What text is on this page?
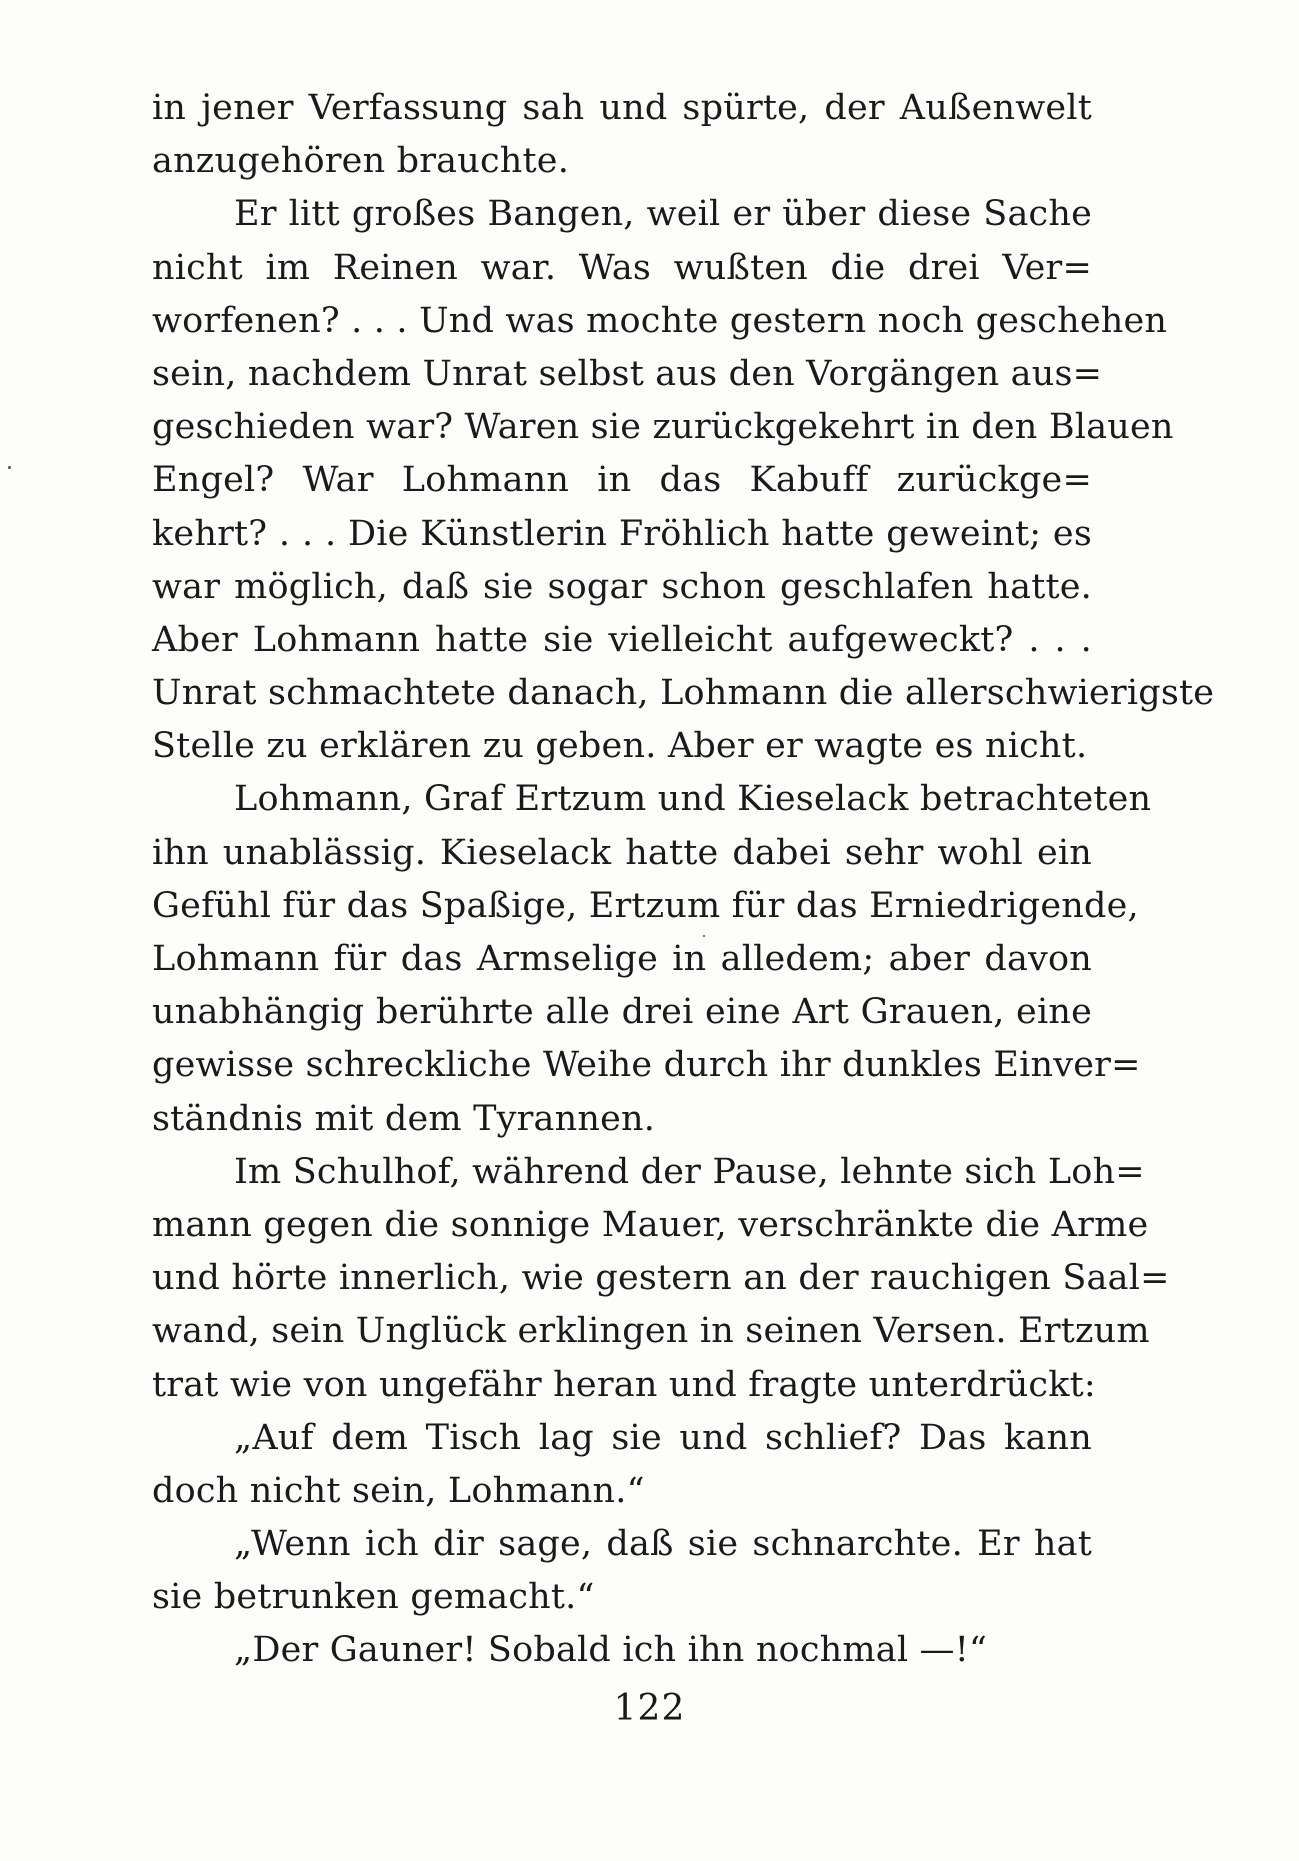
in jener Verfassung sah und spürte, der Außenwelt
anzugehören brauchte.
Er litt großes Bangen, weil er über diese Sache
nicht im Reinen war. Was wußten die drei Ver=
worfenen? . . . Und was mochte gestern noch geschehen
sein, nachdem Unrat selbst aus den Vorgängen aus=
geschieden war? Waren sie zurückgekehrt in den Blauen
Engel? War Lohmann in das Kabuff zurückge=
kehrt? . . . Die Künstlerin Fröhlich hatte geweint; es
war möglich, daß sie sogar schon geschlafen hatte.
Aber Lohmann hatte sie vielleicht aufgeweckt? . . .
Unrat schmachtete danach, Lohmann die allerschwierigste
Stelle zu erklären zu geben. Aber er wagte es nicht.
Lohmann, Graf Ertzum und Kieselack betrachteten
ihn unablässig. Kieselack hatte dabei sehr wohl ein
Gefühl für das Spaßige, Ertzum für das Erniedrigende,
Lohmann für das Armselige in alledem; aber davon
unabhängig berührte alle drei eine Art Grauen, eine
gewisse schreckliche Weihe durch ihr dunkles Einver=
ständnis mit dem Tyrannen.
Im Schulhof, während der Pause, lehnte sich Loh=
mann gegen die sonnige Mauer, verschränkte die Arme
und hörte innerlich, wie gestern an der rauchigen Saal=
wand, sein Unglück erklingen in seinen Versen. Ertzum
trat wie von ungefähr heran und fragte unterdrückt:
„Auf dem Tisch lag sie und schlief? Das kann
doch nicht sein, Lohmann.“
„Wenn ich dir sage, daß sie schnarchte. Er hat
sie betrunken gemacht.“
„Der Gauner! Sobald ich ihn nochmal —!“
122
